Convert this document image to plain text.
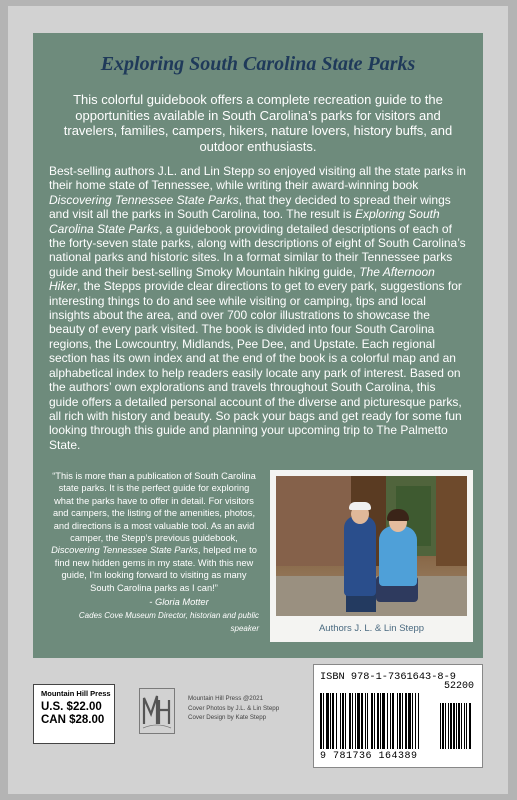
Exploring South Carolina State Parks

This colorful guidebook offers a complete recreation guide to the opportunities available in South Carolina’s parks for visitors and travelers, families, campers, hikers, nature lovers, history buffs, and outdoor enthusiasts.

Best-selling authors J.L. and Lin Stepp so enjoyed visiting all the state parks in their home state of Tennessee, while writing their award-winning book Discovering Tennessee State Parks, that they decided to spread their wings and visit all the parks in South Carolina, too. The result is Exploring South Carolina State Parks, a guidebook providing detailed descriptions of each of the forty-seven state parks, along with descriptions of eight of South Carolina’s national parks and historic sites. In a format similar to their Tennessee parks guide and their best-selling Smoky Mountain hiking guide, The Afternoon Hiker, the Stepps provide clear directions to get to every park, suggestions for interesting things to do and see while visiting or camping, tips and local insights about the area, and over 700 color illustrations to showcase the beauty of every park visited. The book is divided into four South Carolina regions, the Lowcountry, Midlands, Pee Dee, and Upstate. Each regional section has its own index and at the end of the book is a colorful map and an alphabetical index to help readers easily locate any park of interest. Based on the authors’ own explorations and travels throughout South Carolina, this guide offers a detailed personal account of the diverse and picturesque parks, all rich with history and beauty. So pack your bags and get ready for some fun looking through this guide and planning your upcoming trip to The Palmetto State.

“This is more than a publication of South Carolina state parks. It is the perfect guide for exploring what the parks have to offer in detail. For visitors and campers, the listing of the amenities, photos, and directions is a most valuable tool. As an avid camper, the Stepp’s previous guidebook, Discovering Tennessee State Parks, helped me to find new hidden gems in my state. With this new guide, I’m looking forward to visiting as many South Carolina parks as I can!”

- Gloria Motter

Cades Cove Museum Director, historian and public speaker	Authors J. L. & Lin Stepp

Mountain Hill Press
U.S. $22.00
CAN $28.00
Mountain Hill Press @2021
Cover Photos by J.L. & Lin Stepp
Cover Design by Kate Stepp
ISBN 978-1-7361643-8-9
52200
9 781736 164389
